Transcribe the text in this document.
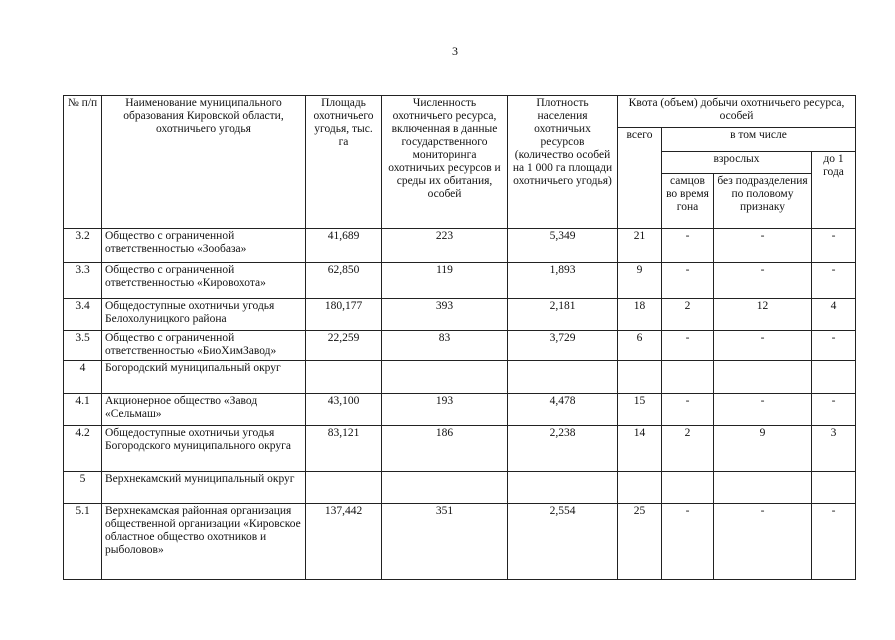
3
№ п/п	Наименование муниципального образования Кировской области, охотничьего угодья	Площадь охотничьего угодья, тыс. га	Численность охотничьего ресурса, включенная в данные государственного мониторинга охотничьих ресурсов и среды их обитания, особей	Плотность населения охотничьих ресурсов (количество особей на 1 000 га площади охотничьего угодья)	Квота (объем) добычи охотничьего ресурса, особей			
					всего	в том числе		
						взрослых		до 1 года
						самцов во время гона	без подразделения по половому признаку	
3.2	Общество с ограниченной ответственностью «Зообаза»	41,689	223	5,349	21	-	-	-
3.3	Общество с ограниченной ответственностью «Кировохота»	62,850	119	1,893	9	-	-	-
3.4	Общедоступные охотничьи угодья Белохолуницкого района	180,177	393	2,181	18	2	12	4
3.5	Общество с ограниченной ответственностью «БиоХимЗавод»	22,259	83	3,729	6	-	-	-
4	Богородский муниципальный округ							
4.1	Акционерное общество «Завод «Сельмаш»	43,100	193	4,478	15	-	-	-
4.2	Общедоступные охотничьи угодья Богородского муниципального округа	83,121	186	2,238	14	2	9	3
5	Верхнекамский муниципальный округ							
5.1	Верхнекамская районная организация общественной организации «Кировское областное общество охотников и рыболовов»	137,442	351	2,554	25	-	-	-
